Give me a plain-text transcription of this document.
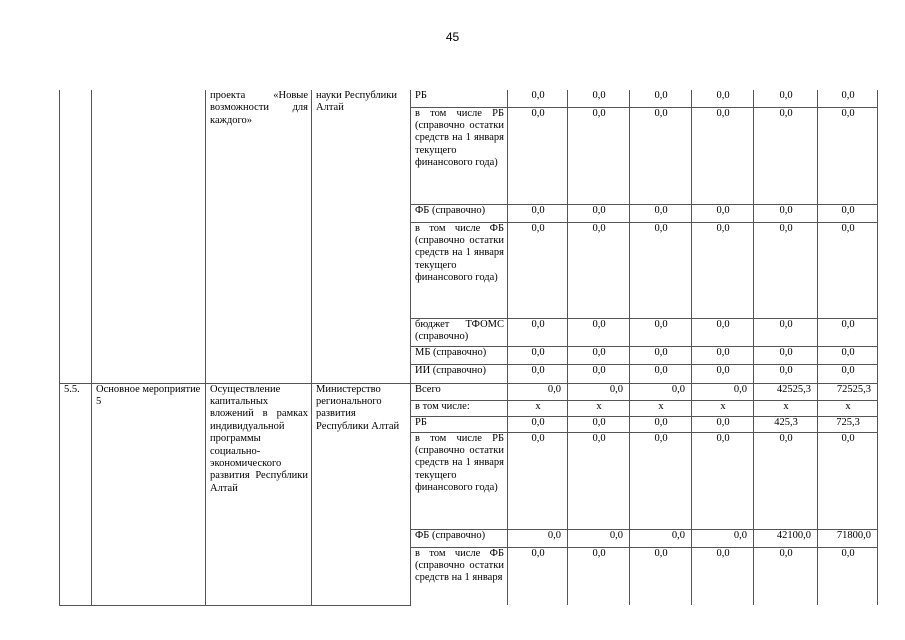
45
		проекта «Новые возможности для каждого»	науки Республики Алтай	РБ	0,0	0,0	0,0	0,0	0,0	0,0
				в том числе РБ (справочно остатки средств на 1 января текущего финансового года)	0,0	0,0	0,0	0,0	0,0	0,0
				ФБ (справочно)	0,0	0,0	0,0	0,0	0,0	0,0
				в том числе ФБ (справочно остатки средств на 1 января текущего финансового года)	0,0	0,0	0,0	0,0	0,0	0,0
				бюджет ТФОМС (справочно)	0,0	0,0	0,0	0,0	0,0	0,0
				МБ (справочно)	0,0	0,0	0,0	0,0	0,0	0,0
				ИИ (справочно)	0,0	0,0	0,0	0,0	0,0	0,0
5.5.	Основное мероприятие 5	Осуществление капитальных вложений в рамках индивидуальной программы социально-экономического развития Республики Алтай	Министерство регионального развития Республики Алтай	Всего	0,0	0,0	0,0	0,0	42525,3	72525,3
				в том числе:	х	х	х	х	х	х
				РБ	0,0	0,0	0,0	0,0	425,3	725,3
				в том числе РБ (справочно остатки средств на 1 января текущего финансового года)	0,0	0,0	0,0	0,0	0,0	0,0
				ФБ (справочно)	0,0	0,0	0,0	0,0	42100,0	71800,0
				в том числе ФБ (справочно остатки средств на 1 января	0,0	0,0	0,0	0,0	0,0	0,0
